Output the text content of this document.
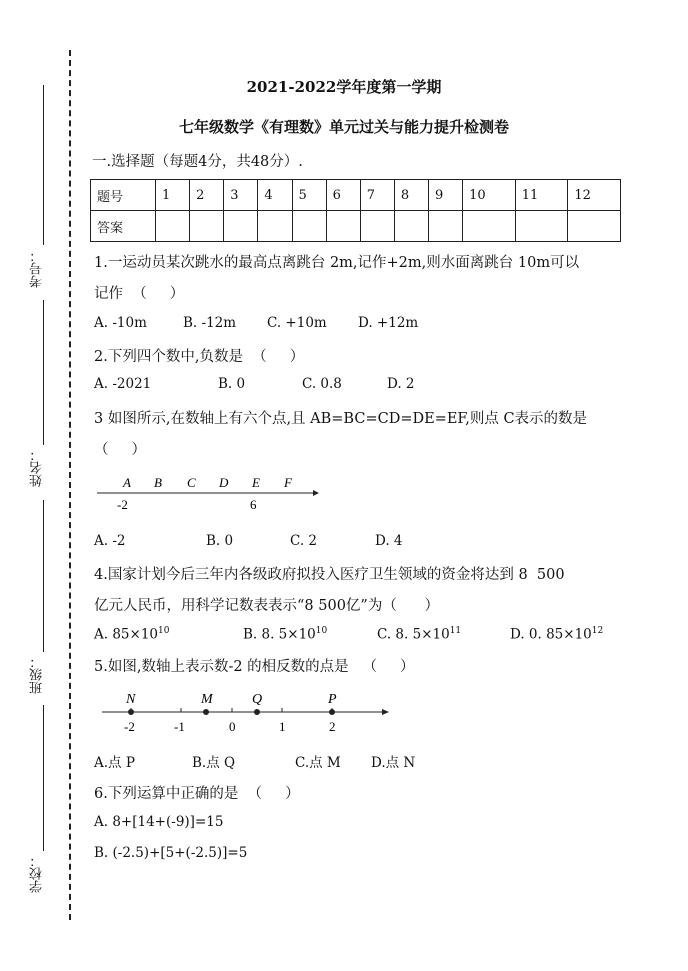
考号：
姓名：
班级：
学校：
2021-2022学年度第一学期
七年级数学《有理数》单元过关与能力提升检测卷
一.选择题（每题4分，共48分）.
题号	1	2	3	4	5	6	7	8	9	10	11	12
答案												
1.一运动员某次跳水的最高点离跳台 2m,记作+2m,则水面离跳台 10m可以
记作  （     ）
A. -10m	B. -12m C. +10m D. +12m
2.下列四个数中,负数是  （     ）
A. -2021	B. 0	C. 0.8	D. 2
3 如图所示,在数轴上有六个点,且 AB=BC=CD=DE=EF,则点 C表示的数是
（     ）
A B C D E F
-2	6
A. -2	B. 0	C. 2	D. 4
4.国家计划今后三年内各级政府拟投入医疗卫生领域的资金将达到 8  500
亿元人民币，用科学记数表表示“8 500亿”为（      ）
A. $85\times 10^{10}$	B. 8. $5\times 10^{10}$	C. 8. $5\times 10^{11}$	D. 0. $85\times 10^{12}$
5.如图,数轴上表示数-2 的相反数的点是   （     ）
N	M	Q	P
-2	-1	0	1	2
A.点 P	B.点 Q	C.点 M D.点 N
6.下列运算中正确的是  （     ）
A. 8+[14+(-9)]=15
B. (-2.5)+[5+(-2.5)]=5
